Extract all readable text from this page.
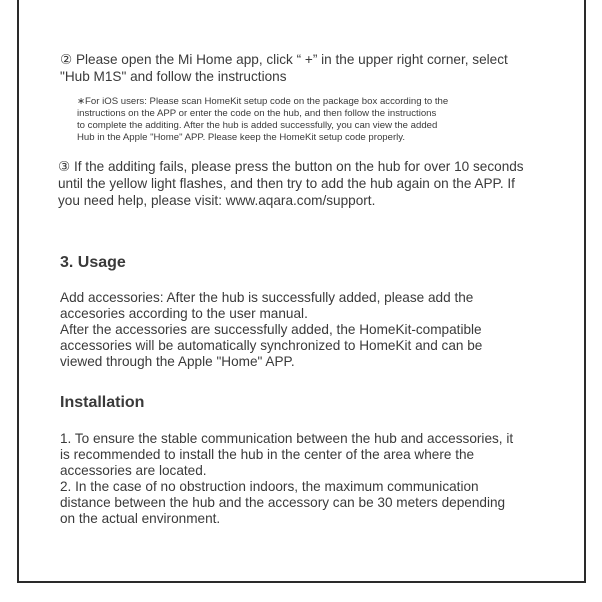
② Please open the Mi Home app, click “ +” in the upper right corner, select
"Hub M1S" and follow the instructions

∗For iOS users: Please scan HomeKit setup code on the package box according to the
instructions on the APP or enter the code on the hub, and then follow the instructions
to complete the additing. After the hub is added successfully, you can view the added
Hub in the Apple "Home" APP. Please keep the HomeKit setup code properly.

③ If the additing fails, please press the button on the hub for over 10 seconds
until the yellow light flashes, and then try to add the hub again on the APP. If
you need help, please visit: www.aqara.com/support.

3. Usage

Add accessories: After the hub is successfully added, please add the
accesories according to the user manual.
After the accessories are successfully added, the HomeKit-compatible
accessories will be automatically synchronized to HomeKit and can be
viewed through the Apple "Home" APP.

Installation

1. To ensure the stable communication between the hub and accessories, it
is recommended to install the hub in the center of the area where the
accessories are located.
2. In the case of no obstruction indoors, the maximum communication
distance between the hub and the accessory can be 30 meters depending
on the actual environment.
